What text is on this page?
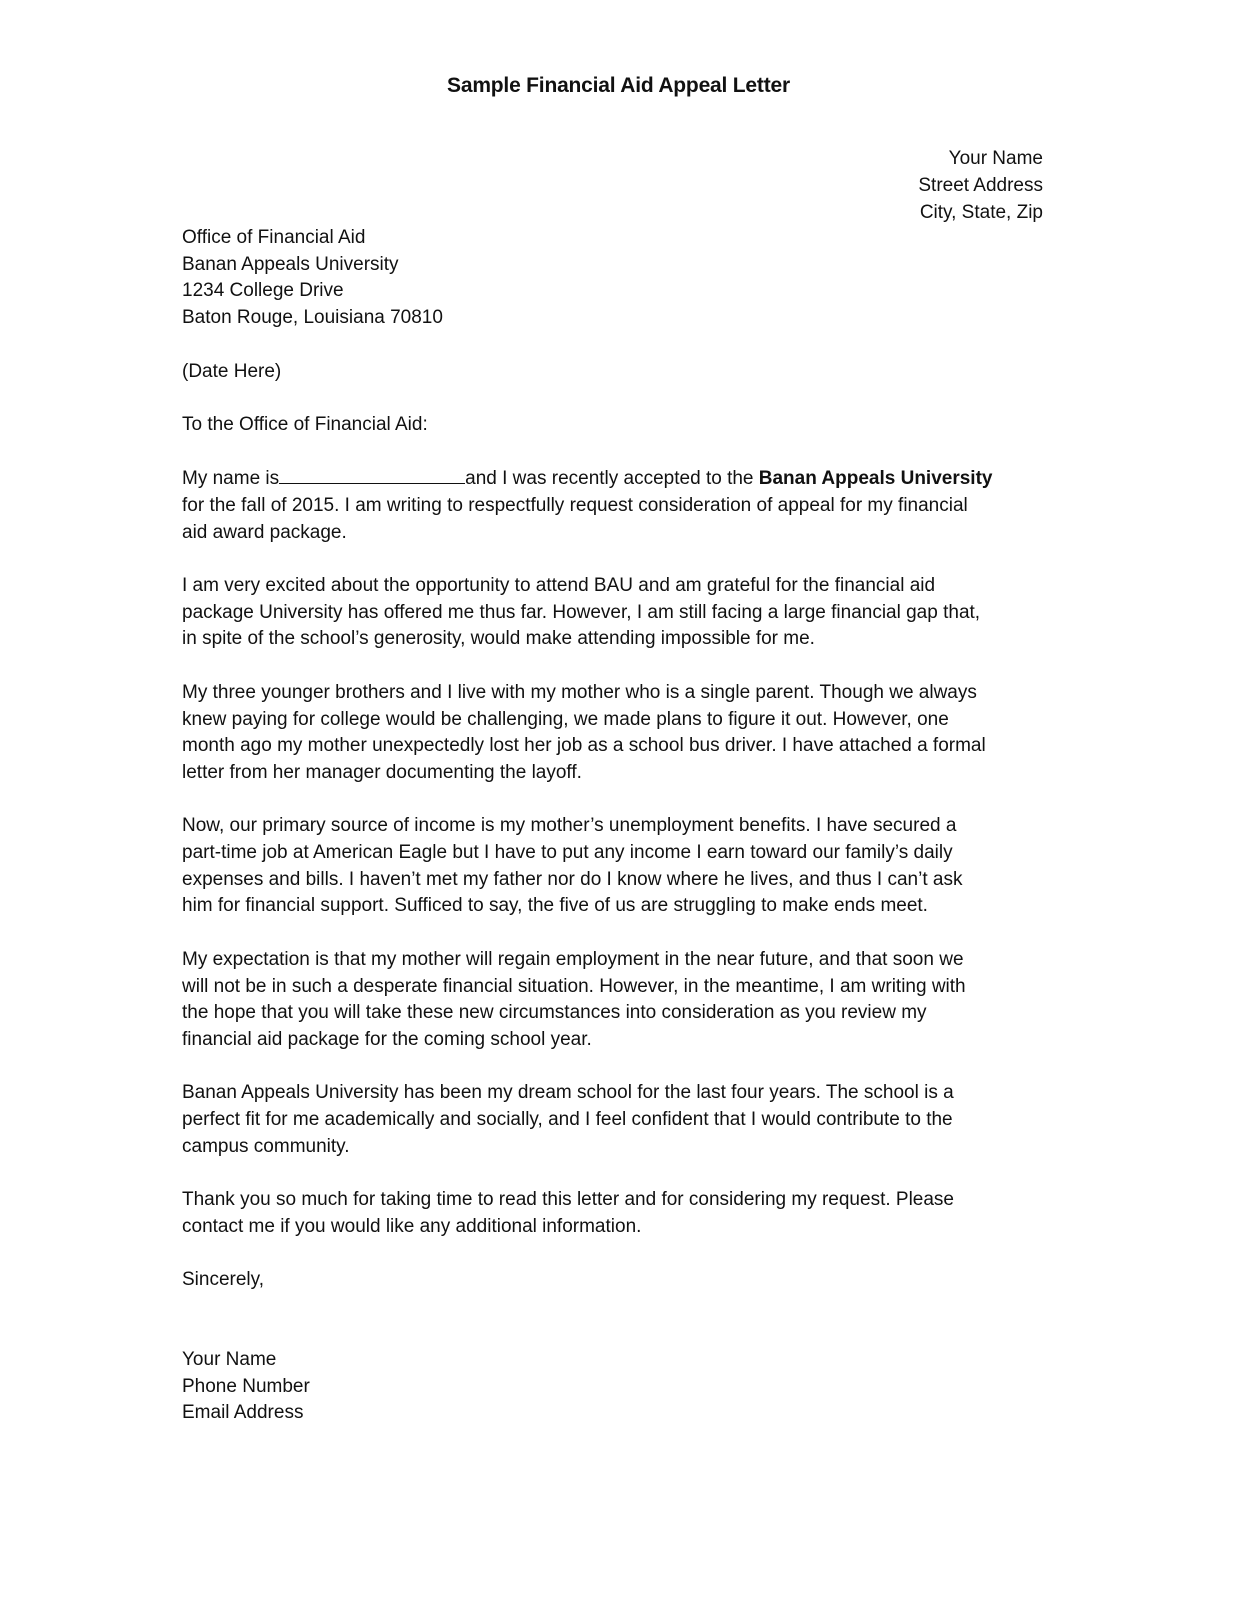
Sample Financial Aid Appeal Letter
Your Name
Street Address
City, State, Zip
Office of Financial Aid
Banan Appeals University
1234 College Drive
Baton Rouge, Louisiana 70810
(Date Here)
To the Office of Financial Aid:
My name is	and I was recently accepted to the Banan Appeals University
for the fall of 2015. I am writing to respectfully request consideration of appeal for my financial
aid award package.
I am very excited about the opportunity to attend BAU and am grateful for the financial aid
package University has offered me thus far. However, I am still facing a large financial gap that,
in spite of the school’s generosity, would make attending impossible for me.
My three younger brothers and I live with my mother who is a single parent. Though we always
knew paying for college would be challenging, we made plans to figure it out. However, one
month ago my mother unexpectedly lost her job as a school bus driver. I have attached a formal
letter from her manager documenting the layoff.
Now, our primary source of income is my mother’s unemployment benefits. I have secured a
part-time job at American Eagle but I have to put any income I earn toward our family’s daily
expenses and bills. I haven’t met my father nor do I know where he lives, and thus I can’t ask
him for financial support. Sufficed to say, the five of us are struggling to make ends meet.
My expectation is that my mother will regain employment in the near future, and that soon we
will not be in such a desperate financial situation. However, in the meantime, I am writing with
the hope that you will take these new circumstances into consideration as you review my
financial aid package for the coming school year.
Banan Appeals University has been my dream school for the last four years. The school is a
perfect fit for me academically and socially, and I feel confident that I would contribute to the
campus community.
Thank you so much for taking time to read this letter and for considering my request. Please
contact me if you would like any additional information.
Sincerely,
Your Name
Phone Number
Email Address
